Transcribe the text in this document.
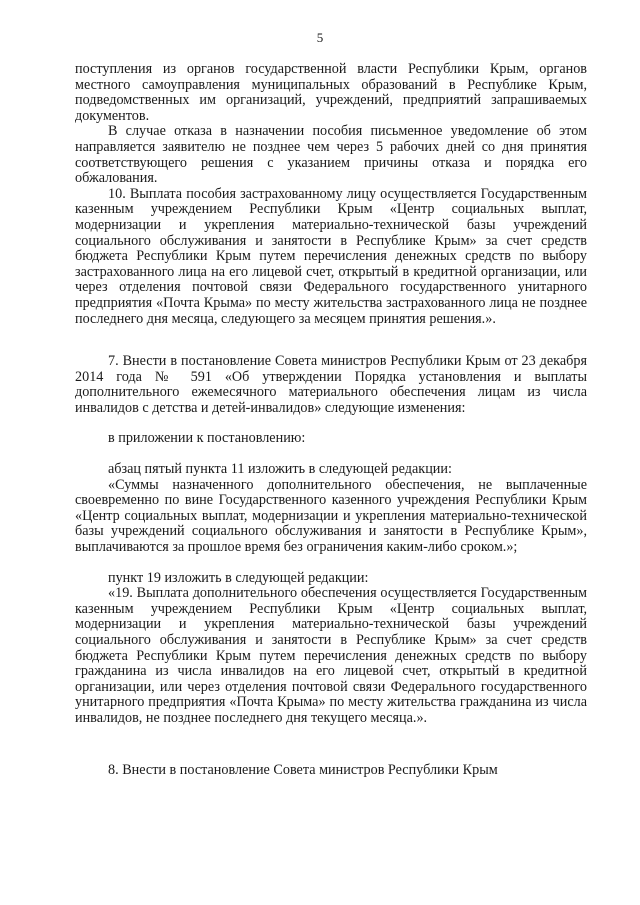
5

поступления из органов государственной власти Республики Крым, органов местного самоуправления муниципальных образований в Республике Крым, подведомственных им организаций, учреждений, предприятий запрашиваемых документов.

В случае отказа в назначении пособия письменное уведомление об этом направляется заявителю не позднее чем через 5 рабочих дней со дня принятия соответствующего решения с указанием причины отказа и порядка его обжалования.

10. Выплата пособия застрахованному лицу осуществляется Государственным казенным учреждением Республики Крым «Центр социальных выплат, модернизации и укрепления материально-технической базы учреждений социального обслуживания и занятости в Республике Крым» за счет средств бюджета Республики Крым путем перечисления денежных средств по выбору застрахованного лица на его лицевой счет, открытый в кредитной организации, или через отделения почтовой связи Федерального государственного унитарного предприятия «Почта Крыма» по месту жительства застрахованного лица не позднее последнего дня месяца, следующего за месяцем принятия решения.».

7. Внести в постановление Совета министров Республики Крым от 23 декабря 2014 года № 591 «Об утверждении Порядка установления и выплаты дополнительного ежемесячного материального обеспечения лицам из числа инвалидов с детства и детей-инвалидов» следующие изменения:

в приложении к постановлению:

абзац пятый пункта 11 изложить в следующей редакции:

«Суммы назначенного дополнительного обеспечения, не выплаченные своевременно по вине Государственного казенного учреждения Республики Крым «Центр социальных выплат, модернизации и укрепления материально-технической базы учреждений социального обслуживания и занятости в Республике Крым», выплачиваются за прошлое время без ограничения каким-либо сроком.»;

пункт 19 изложить в следующей редакции:

«19. Выплата дополнительного обеспечения осуществляется Государственным казенным учреждением Республики Крым «Центр социальных выплат, модернизации и укрепления материально-технической базы учреждений социального обслуживания и занятости в Республике Крым» за счет средств бюджета Республики Крым путем перечисления денежных средств по выбору гражданина из числа инвалидов на его лицевой счет, открытый в кредитной организации, или через отделения почтовой связи Федерального государственного унитарного предприятия «Почта Крыма» по месту жительства гражданина из числа инвалидов, не позднее последнего дня текущего месяца.».

8. Внести в постановление Совета министров Республики Крым
